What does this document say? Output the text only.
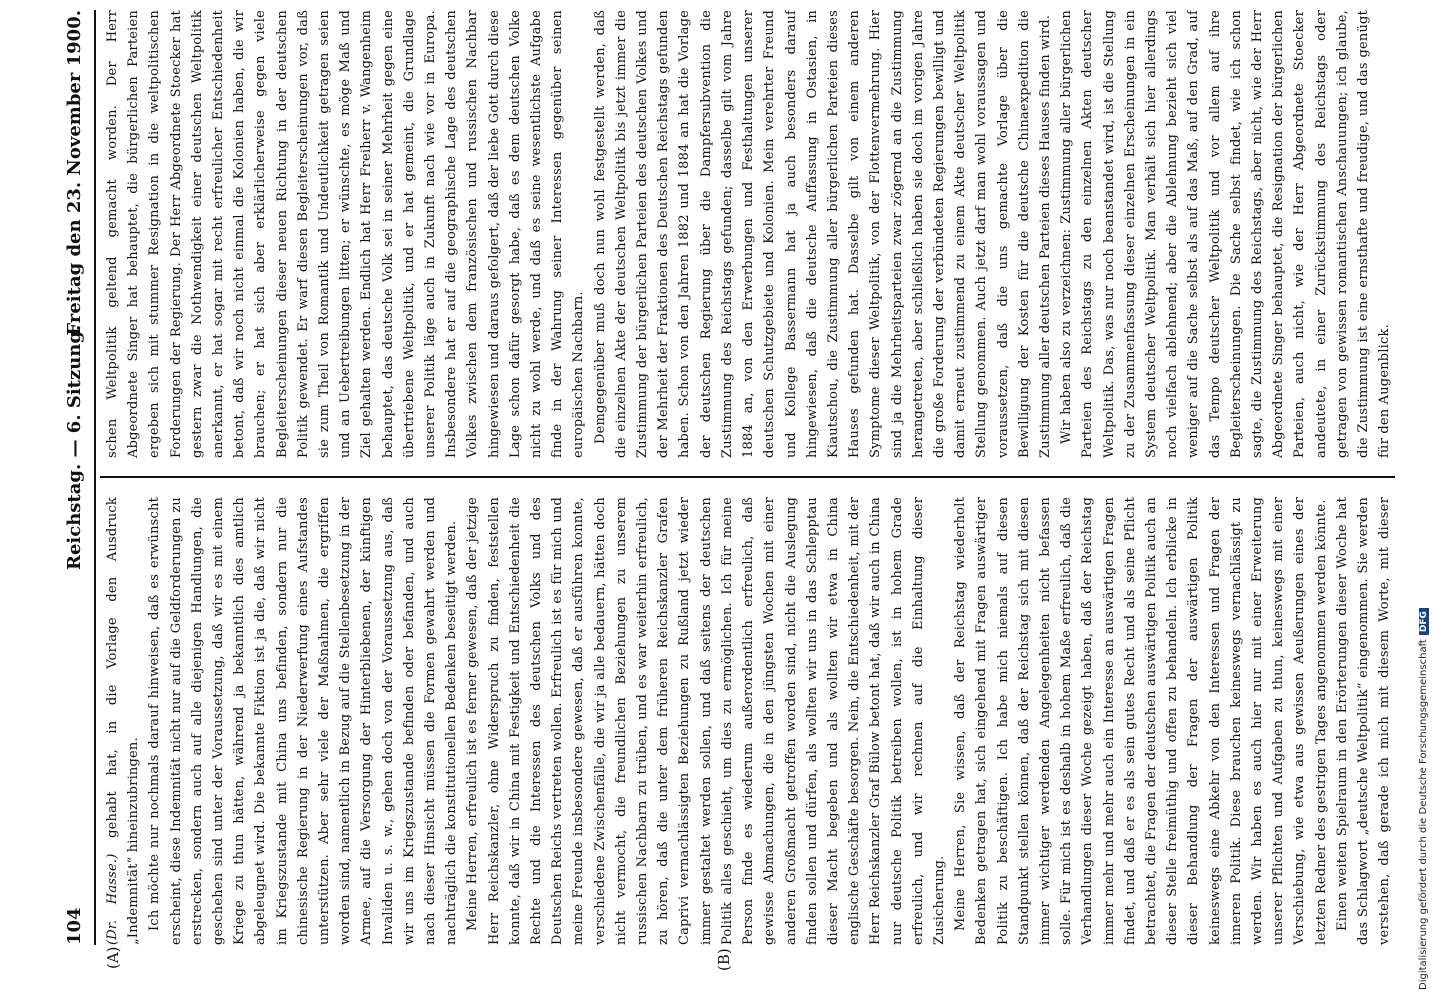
104
Reichstag. — 6. Sitzung.
Freitag den 23. November 1900.
(A)	(B)

(Dr. Hasse.) gehabt hat, in die Vorlage den Ausdruck „Indemnität“ hineinzubringen. Ich möchte nur nochmals darauf hinweisen, daß es erwünscht erscheint, diese Indemnität nicht nur auf die Geldforderungen zu erstrecken, sondern auch auf alle diejenigen Handlungen, die geschehen sind unter der Voraussetzung, daß wir es mit einem Kriege zu thun hätten, während ja bekanntlich dies amtlich abgeleugnet wird. Die bekannte Fiktion ist ja die, daß wir nicht im Kriegszustande mit China uns befinden, sondern nur die chinesische Regierung in der Niederwerfung eines Aufstandes unterstützen. Aber sehr viele der Maßnahmen, die ergriffen worden sind, namentlich in Bezug auf die Stellenbesetzung in der Armee, auf die Versorgung der Hinterbliebenen, der künftigen Invaliden u. s. w., gehen doch von der Voraussetzung aus, daß wir uns im Kriegszustande befinden oder befanden, und auch nach dieser Hinsicht müssen die Formen gewahrt werden und nachträglich die konstitutionellen Bedenken beseitigt werden. Meine Herren, erfreulich ist es ferner gewesen, daß der jetzige Herr Reichskanzler, ohne Widerspruch zu finden, feststellen konnte, daß wir in China mit Festigkeit und Entschiedenheit die Rechte und die Interessen des deutschen Volks und des Deutschen Reichs vertreten wollen. Erfreulich ist es für mich und meine Freunde insbesondere gewesen, daß er ausführen konnte, verschiedene Zwischenfälle, die wir ja alle bedauern, hätten doch nicht vermocht, die freundlichen Beziehungen zu unserem russischen Nachbarn zu trüben, und es war weiterhin erfreulich, zu hören, daß die unter dem früheren Reichskanzler Grafen Caprivi vernachlässigten Beziehungen zu Rußland jetzt wieder immer gestaltet werden sollen, und daß seitens der deutschen Politik alles geschieht, um dies zu ermöglichen. Ich für meine Person finde es wiederum außerordentlich erfreulich, daß gewisse Abmachungen, die in den jüngsten Wochen mit einer anderen Großmacht getroffen worden sind, nicht die Auslegung finden sollen und dürfen, als wollten wir uns in das Schlepptau dieser Macht begeben und als wollten wir etwa in China englische Geschäfte besorgen. Nein, die Entschiedenheit, mit der Herr Reichskanzler Graf Bülow betont hat, daß wir auch in China nur deutsche Politik betreiben wollen, ist in hohem Grade erfreulich, und wir rechnen auf die Einhaltung dieser Zusicherung. Meine Herren, Sie wissen, daß der Reichstag wiederholt Bedenken getragen hat, sich eingehend mit Fragen auswärtiger Politik zu beschäftigen. Ich habe mich niemals auf diesen Standpunkt stellen können, daß der Reichstag sich mit diesen immer wichtiger werdenden Angelegenheiten nicht befassen solle. Für mich ist es deshalb in hohem Maße erfreulich, daß die Verhandlungen dieser Woche gezeigt haben, daß der Reichstag immer mehr und mehr auch ein Interesse an auswärtigen Fragen findet, und daß er es als sein gutes Recht und als seine Pflicht betrachtet, die Fragen der deutschen auswärtigen Politik auch an dieser Stelle freimüthig und offen zu behandeln. Ich erblicke in dieser Behandlung der Fragen der auswärtigen Politik keineswegs eine Abkehr von den Interessen und Fragen der inneren Politik. Diese brauchen keineswegs vernachlässigt zu werden. Wir haben es auch hier nur mit einer Erweiterung unserer Pflichten und Aufgaben zu thun, keineswegs mit einer Verschiebung, wie etwa aus gewissen Aeußerungen eines der letzten Redner des gestrigen Tages angenommen werden könnte. Einen weiten Spielraum in den Erörterungen dieser Woche hat das Schlagwort „deutsche Weltpolitik“ eingenommen. Sie werden verstehen, daß gerade ich mich mit diesem Worte, mit dieser

schen Weltpolitik geltend gemacht worden. Der Herr Abgeordnete Singer hat behauptet, die bürgerlichen Parteien ergeben sich mit stummer Resignation in die weltpolitischen Forderungen der Regierung. Der Herr Abgeordnete Stoecker hat gestern zwar die Nothwendigkeit einer deutschen Weltpolitik anerkannt, er hat sogar mit recht erfreulicher Entschiedenheit betont, daß wir noch nicht einmal die Kolonien haben, die wir brauchen; er hat sich aber erklärlicherweise gegen viele Begleiterscheinungen dieser neuen Richtung in der deutschen Politik gewendet. Er warf diesen Begleiterscheinungen vor, daß sie zum Theil von Romantik und Undeutlichkeit getragen seien und an Uebertreibungen litten; er wünschte, es möge Maß und Ziel gehalten werden. Endlich hat Herr Freiherr v. Wangenheim behauptet, das deutsche Volk sei in seiner Mehrheit gegen eine übertriebene Weltpolitik, und er hat gemeint, die Grundlage unserer Politik läge auch in Zukunft nach wie vor in Europa. Insbesondere hat er auf die geographische Lage des deutschen Volkes zwischen dem französischen und russischen Nachbar hingewiesen und daraus gefolgert, daß der liebe Gott durch diese Lage schon dafür gesorgt habe, daß es dem deutschen Volke nicht zu wohl werde, und daß es seine wesentlichste Aufgabe finde in der Wahrung seiner Interessen gegenüber seinen europäischen Nachbarn. Demgegenüber muß doch nun wohl festgestellt werden, daß die einzelnen Akte der deutschen Weltpolitik bis jetzt immer die Zustimmung der bürgerlichen Parteien des deutschen Volkes und der Mehrheit der Fraktionen des Deutschen Reichstags gefunden haben. Schon von den Jahren 1882 und 1884 an hat die Vorlage der deutschen Regierung über die Dampfersubvention die Zustimmung des Reichstags gefunden; dasselbe gilt vom Jahre 1884 an, von den Erwerbungen und Festhaltungen unserer deutschen Schutzgebiete und Kolonien. Mein verehrter Freund und Kollege Bassermann hat ja auch besonders darauf hingewiesen, daß die deutsche Auffassung in Ostasien, in Kiautschou, die Zustimmung aller bürgerlichen Parteien dieses Hauses gefunden hat. Dasselbe gilt von einem anderen Symptome dieser Weltpolitik, von der Flottenvermehrung. Hier sind ja die Mehrheitsparteien zwar zögernd an die Zustimmung herangetreten, aber schließlich haben sie doch im vorigen Jahre die große Forderung der verbündeten Regierungen bewilligt und damit erneut zustimmend zu einem Akte deutscher Weltpolitik Stellung genommen. Auch jetzt darf man wohl voraussagen und voraussetzen, daß die uns gemachte Vorlage über die Bewilligung der Kosten für die deutsche Chinaexpedition die Zustimmung aller deutschen Parteien dieses Hauses finden wird. Wir haben also zu verzeichnen: Zustimmung aller bürgerlichen Parteien des Reichstags zu den einzelnen Akten deutscher Weltpolitik. Das, was nur noch beanstandet wird, ist die Stellung zu der Zusammenfassung dieser einzelnen Erscheinungen in ein System deutscher Weltpolitik. Man verhält sich hier allerdings noch vielfach ablehnend; aber die Ablehnung bezieht sich viel weniger auf die Sache selbst als auf das Maß, auf den Grad, auf das Tempo deutscher Weltpolitik und vor allem auf ihre Begleiterscheinungen. Die Sache selbst findet, wie ich schon sagte, die Zustimmung des Reichstags, aber nicht, wie der Herr Abgeordnete Singer behauptet, die Resignation der bürgerlichen Parteien, auch nicht, wie der Herr Abgeordnete Stoecker andeutete, in einer Zurückstimmung des Reichstags oder getragen von gewissen romantischen Anschauungen; ich glaube, die Zustimmung ist eine ernsthafte und freudige, und das genügt für den Augenblick.

Digitalisierung gefördert durch die Deutsche Forschungsgemeinschaft
DFG
